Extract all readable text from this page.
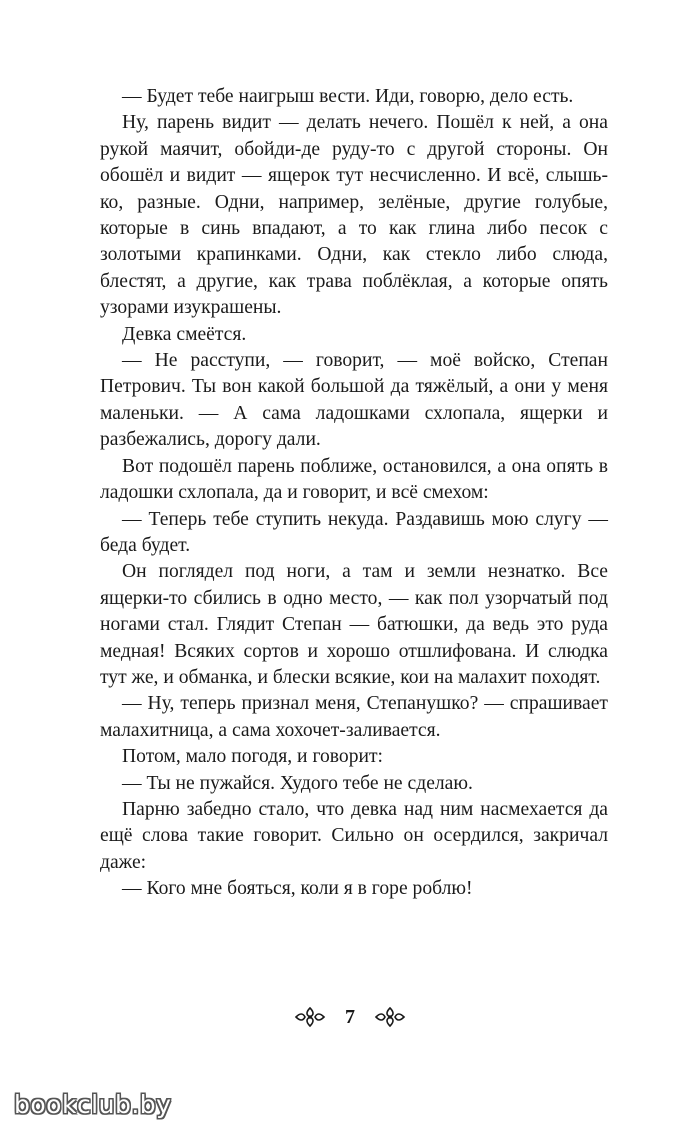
— Будет тебе наигрыш вести. Иди, говорю, дело есть.

Ну, парень видит — делать нечего. Пошёл к ней, а она рукой маячит, обойди-де руду-то с другой стороны. Он обошёл и видит — ящерок тут несчисленно. И всё, слышь-ко, разные. Одни, например, зелёные, другие голубые, которые в синь впадают, а то как глина либо песок с золотыми крапинками. Одни, как стекло либо слюда, блестят, а другие, как трава поблёклая, а которые опять узорами изукрашены.

Девка смеётся.

— Не расступи, — говорит, — моё войско, Степан Петрович. Ты вон какой большой да тяжёлый, а они у меня маленьки. — А сама ладошками схлопала, ящерки и разбежались, дорогу дали.

Вот подошёл парень поближе, остановился, а она опять в ладошки схлопала, да и говорит, и всё смехом:

— Теперь тебе ступить некуда. Раздавишь мою слугу — беда будет.

Он поглядел под ноги, а там и земли незнатко. Все ящерки-то сбились в одно место, — как пол узорчатый под ногами стал. Глядит Степан — батюшки, да ведь это руда медная! Всяких сортов и хорошо отшлифована. И слюдка тут же, и обманка, и блески всякие, кои на малахит походят.

— Ну, теперь признал меня, Степанушко? — спрашивает малахитница, а сама хохочет-заливается.

Потом, мало погодя, и говорит:

— Ты не пужайся. Худого тебе не сделаю.

Парню забедно стало, что девка над ним насмехается да ещё слова такие говорит. Сильно он осердился, закричал даже:

— Кого мне бояться, коли я в горе роблю!

7
bookclub.by
